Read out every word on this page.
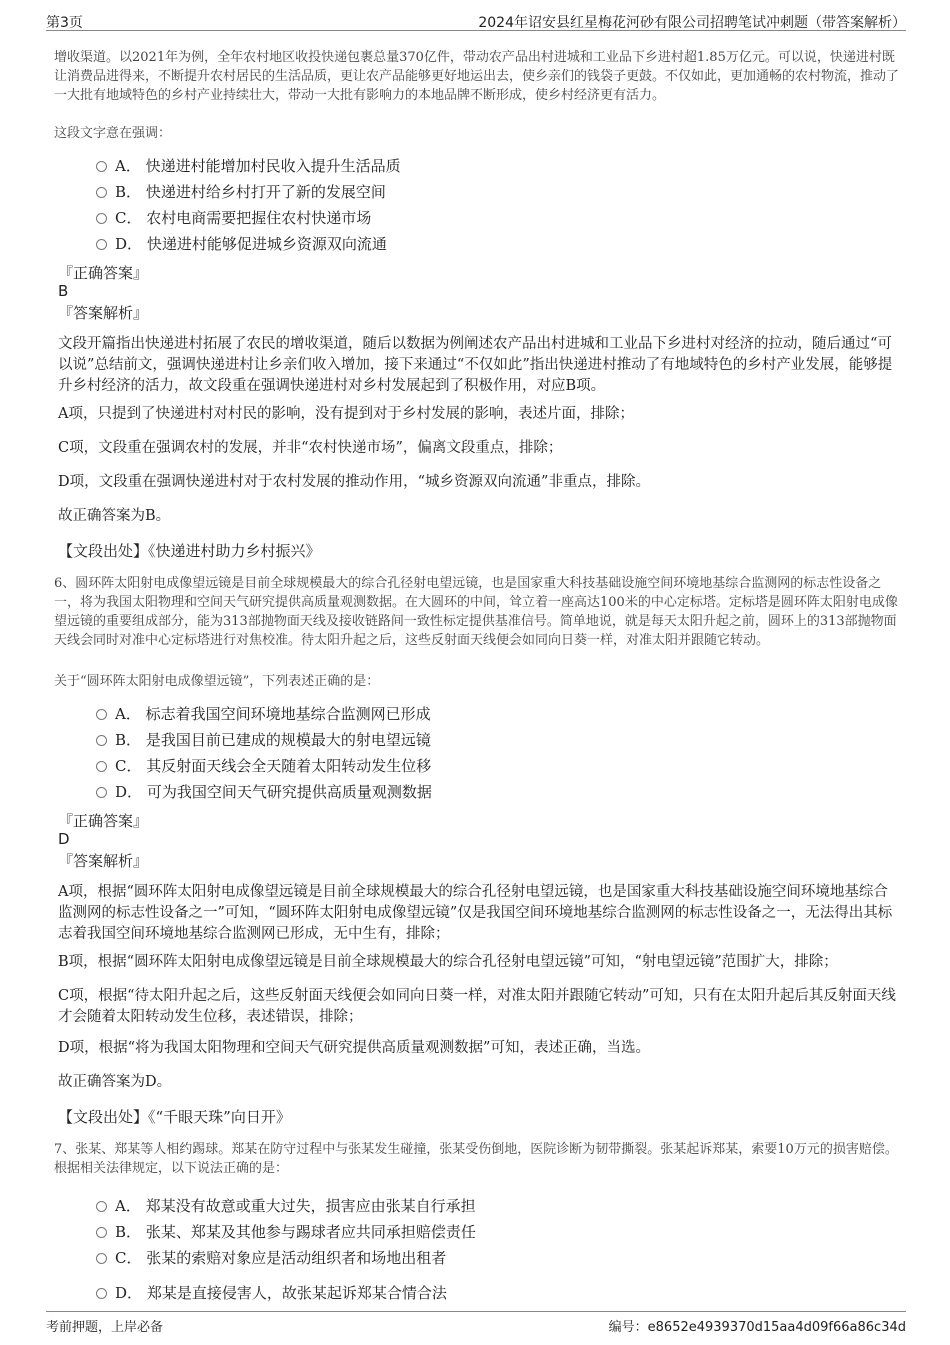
第3页	2024年诏安县红星梅花河砂有限公司招聘笔试冲刺题（带答案解析）

增收渠道。以2021年为例，全年农村地区收投快递包裹总量370亿件，带动农产品出村进城和工业品下乡进村超1.85万亿元。可以说，快递进村既让消费品进得来，不断提升农村居民的生活品质，更让农产品能够更好地运出去，使乡亲们的钱袋子更鼓。不仅如此，更加通畅的农村物流，推动了一大批有地域特色的乡村产业持续壮大，带动一大批有影响力的本地品牌不断形成，使乡村经济更有活力。

这段文字意在强调：

A． 快递进村能增加村民收入提升生活品质
B． 快递进村给乡村打开了新的发展空间
C． 农村电商需要把握住农村快递市场
D． 快递进村能够促进城乡资源双向流通
『正确答案』
B
『答案解析』

文段开篇指出快递进村拓展了农民的增收渠道，随后以数据为例阐述农产品出村进城和工业品下乡进村对经济的拉动，随后通过“可以说”总结前文，强调快递进村让乡亲们收入增加，接下来通过“不仅如此”指出快递进村推动了有地域特色的乡村产业发展，能够提升乡村经济的活力，故文段重在强调快递进村对乡村发展起到了积极作用，对应B项。

A项，只提到了快递进村对村民的影响，没有提到对于乡村发展的影响，表述片面，排除；

C项，文段重在强调农村的发展，并非“农村快递市场”，偏离文段重点，排除；

D项，文段重在强调快递进村对于农村发展的推动作用，“城乡资源双向流通”非重点，排除。

故正确答案为B。

【文段出处】《快递进村助力乡村振兴》

6、圆环阵太阳射电成像望远镜是目前全球规模最大的综合孔径射电望远镜，也是国家重大科技基础设施空间环境地基综合监测网的标志性设备之一，将为我国太阳物理和空间天气研究提供高质量观测数据。在大圆环的中间，耸立着一座高达100米的中心定标塔。定标塔是圆环阵太阳射电成像望远镜的重要组成部分，能为313部抛物面天线及接收链路间一致性标定提供基准信号。简单地说，就是每天太阳升起之前，圆环上的313部抛物面天线会同时对准中心定标塔进行对焦校准。待太阳升起之后，这些反射面天线便会如同向日葵一样，对准太阳并跟随它转动。

关于“圆环阵太阳射电成像望远镜”，下列表述正确的是：

A． 标志着我国空间环境地基综合监测网已形成
B． 是我国目前已建成的规模最大的射电望远镜
C． 其反射面天线会全天随着太阳转动发生位移
D． 可为我国空间天气研究提供高质量观测数据
『正确答案』
D
『答案解析』

A项，根据“圆环阵太阳射电成像望远镜是目前全球规模最大的综合孔径射电望远镜，也是国家重大科技基础设施空间环境地基综合监测网的标志性设备之一”可知，“圆环阵太阳射电成像望远镜”仅是我国空间环境地基综合监测网的标志性设备之一，无法得出其标志着我国空间环境地基综合监测网已形成，无中生有，排除；

B项，根据“圆环阵太阳射电成像望远镜是目前全球规模最大的综合孔径射电望远镜”可知，“射电望远镜”范围扩大，排除；

C项，根据“待太阳升起之后，这些反射面天线便会如同向日葵一样，对准太阳并跟随它转动”可知，只有在太阳升起后其反射面天线才会随着太阳转动发生位移，表述错误，排除；

D项，根据“将为我国太阳物理和空间天气研究提供高质量观测数据”可知，表述正确，当选。

故正确答案为D。

【文段出处】《“千眼天珠”向日开》

7、张某、郑某等人相约踢球。郑某在防守过程中与张某发生碰撞，张某受伤倒地，医院诊断为韧带撕裂。张某起诉郑某，索要10万元的损害赔偿。根据相关法律规定，以下说法正确的是：

A． 郑某没有故意或重大过失，损害应由张某自行承担
B． 张某、郑某及其他参与踢球者应共同承担赔偿责任
C． 张某的索赔对象应是活动组织者和场地出租者
D． 郑某是直接侵害人，故张某起诉郑某合情合法
考前押题，上岸必备	编号：e8652e4939370d15aa4d09f66a86c34d
